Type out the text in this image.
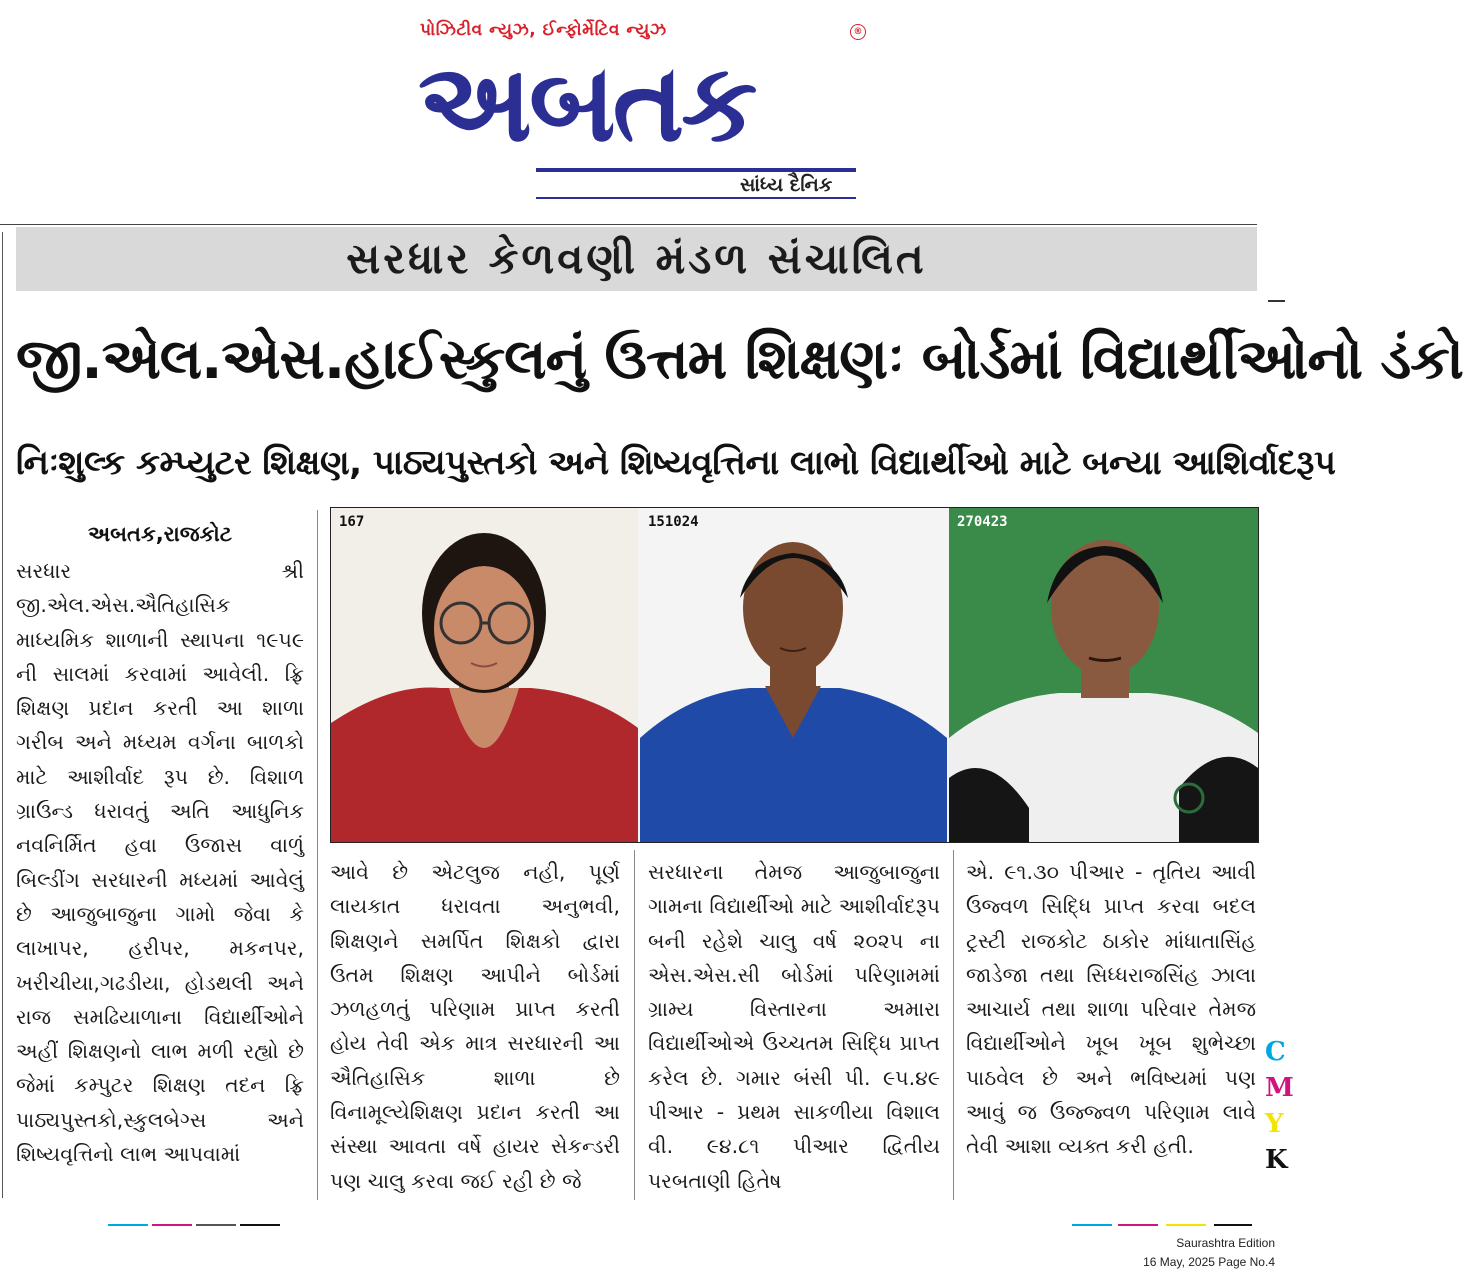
પોઝિટીવ ન્યુઝ, ઈન્ફોર્મેટિવ ન્યુઝ	®
અબતક
સાંધ્ય દૈનિક
સરધાર કેળવણી મંડળ સંચાલિત
જી.એલ.એસ.હાઈસ્કુલનું ઉત્તમ શિક્ષણઃ બોર્ડમાં વિદ્યાર્થીઓનો ડંકો
નિઃશુલ્ક કમ્પ્યુટર શિક્ષણ, પાઠ્યપુસ્તકો અને શિષ્યવૃત્તિના લાભો વિદ્યાર્થીઓ માટે બન્યા આશિર્વાદરૂપ
અબતક,રાજકોટ
સરધાર શ્રી જી.એલ.એસ.ઐતિહાસિક માધ્યમિક શાળાની સ્થાપના ૧૯૫૯ ની સાલમાં કરવામાં આવેલી. ફ્રિ શિક્ષણ પ્રદાન કરતી આ શાળા ગરીબ અને મધ્યમ વર્ગના બાળકો માટે આશીર્વાદ રૂપ છે. વિશાળ ગ્રાઉન્ડ ધરાવતું અતિ આધુનિક નવનિર્મિત હવા ઉજાસ વાળું બિલ્ડીંગ સરધારની મધ્યમાં આવેલું છે આજુબાજુના ગામો જેવા કે લાખાપર, હરીપર, મકનપર, ખરીચીયા,ગઢડીયા, હોડથલી અને રાજ સમઢિયાળાના વિદ્યાર્થીઓને અહીં શિક્ષણનો લાભ મળી રહ્યો છે જેમાં કમ્પુટર શિક્ષણ તદન ફ્રિ પાઠ્યપુસ્તકો,સ્કુલબેગ્સ અને શિષ્યવૃત્તિનો લાભ આપવામાં
167	151024	270423
આવે છે એટલુજ નહી, પૂર્ણ લાયકાત ધરાવતા અનુભવી, શિક્ષણને સમર્પિત શિક્ષકો દ્વારા ઉતમ શિક્ષણ આપીને બોર્ડમાં ઝળહળતું પરિણામ પ્રાપ્ત કરતી હોય તેવી એક માત્ર સરધારની આ ઐતિહાસિક શાળા છે વિનામૂલ્યેશિક્ષણ પ્રદાન કરતી આ સંસ્થા આવતા વર્ષે હાયર સેકન્ડરી પણ ચાલુ કરવા જઈ રહી છે જે
સરધારના તેમજ આજુબાજુના ગામના વિદ્યાર્થીઓ માટે આશીર્વાદરૂપ બની રહેશે ચાલુ વર્ષ ૨૦૨૫ ના એસ.એસ.સી બોર્ડમાં પરિણામમાં ગ્રામ્ય વિસ્તારના અમારા વિદ્યાર્થીઓએ ઉચ્ચતમ સિદ્ધિ પ્રાપ્ત કરેલ છે. ગમાર બંસી પી. ૯૫.૪૯ પીઆર - પ્રથમ સાકળીયા વિશાલ વી. ૯૪.૮૧ પીઆર દ્વિતીય પરબતાણી હિતેષ
એ. ૯૧.૩૦ પીઆર - તૃતિય આવી ઉજ્વળ સિદ્ધિ પ્રાપ્ત કરવા બદલ ટ્રસ્ટી રાજકોટ ઠાકોર માંધાતાસિંહ જાડેજા તથા સિધ્ધરાજસિંહ ઝાલા આચાર્ય તથા શાળા પરિવાર તેમજ વિદ્યાર્થીઓને ખૂબ ખૂબ શુભેચ્છા પાઠવેલ છે અને ભવિષ્યમાં પણ આવું જ ઉજ્જ્વળ પરિણામ લાવે તેવી આશા વ્યક્ત કરી હતી.
C
M
Y
K
Saurashtra Edition
16 May, 2025 Page No.4
